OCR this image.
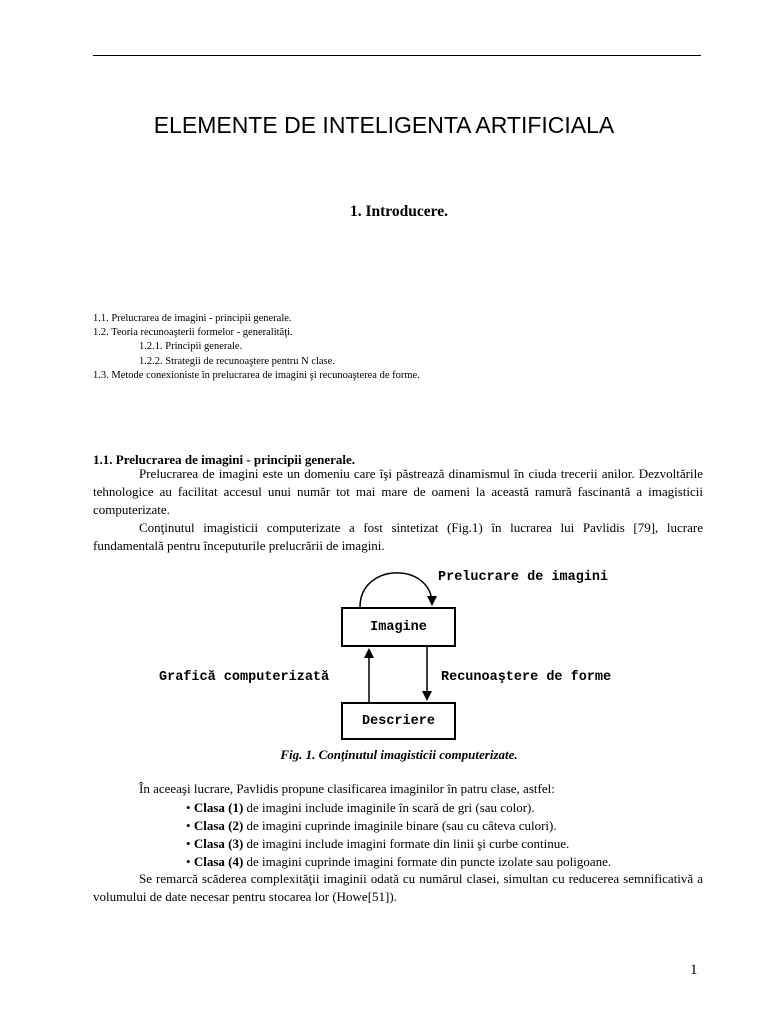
ELEMENTE DE INTELIGENTA ARTIFICIALA
1. Introducere.
1.1. Prelucrarea de imagini - principii generale.
1.2. Teoria recunoaşterii formelor - generalităţi.
1.2.1. Principii generale.
1.2.2. Strategii de recunoaştere pentru N clase.
1.3. Metode conexioniste în prelucrarea de imagini şi recunoaşterea de forme.
1.1. Prelucrarea de imagini - principii generale.
Prelucrarea de imagini este un domeniu care îşi păstrează dinamismul în ciuda trecerii anilor. Dezvoltările tehnologice au facilitat accesul unui număr tot mai mare de oameni la această ramură fascinantă a imagisticii computerizate.
Conţinutul imagisticii computerizate a fost sintetizat (Fig.1) în lucrarea lui Pavlidis [79], lucrare fundamentală pentru începuturile prelucrării de imagini.
Imagine
Descriere
Prelucrare de imagini
Grafică computerizată	Recunoaştere de forme
Fig. 1. Conţinutul imagisticii computerizate.
În aceeaşi lucrare, Pavlidis propune clasificarea imaginilor în patru clase, astfel:
• Clasa (1) de imagini include imaginile în scară de gri (sau color).
• Clasa (2) de imagini cuprinde imaginile binare (sau cu câteva culori).
• Clasa (3) de imagini include imagini formate din linii şi curbe continue.
• Clasa (4) de imagini cuprinde imagini formate din puncte izolate sau poligoane.
Se remarcă scăderea complexităţii imaginii odată cu numărul clasei, simultan cu reducerea semnificativă a volumului de date necesar pentru stocarea lor (Howe[51]).
1
